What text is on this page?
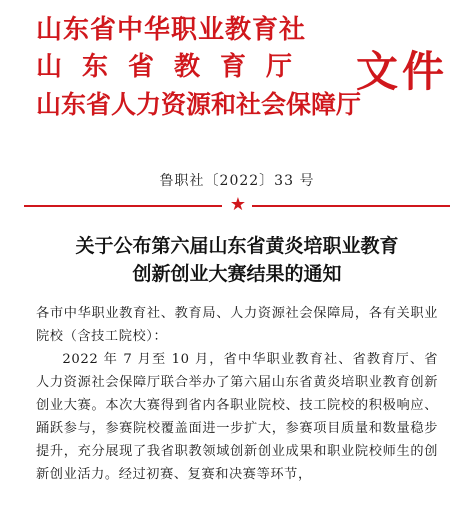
山东省中华职业教育社
山东省教育厅
山东省人力资源和社会保障厅
文件
鲁职社〔2022〕33 号
★
关于公布第六届山东省黄炎培职业教育
创新创业大赛结果的通知

各市中华职业教育社、教育局、人力资源社会保障局，各有关职业院校（含技工院校）：

2022 年 7 月至 10 月，省中华职业教育社、省教育厅、省人力资源社会保障厅联合举办了第六届山东省黄炎培职业教育创新创业大赛。本次大赛得到省内各职业院校、技工院校的积极响应、踊跃参与，参赛院校覆盖面进一步扩大，参赛项目质量和数量稳步提升，充分展现了我省职教领域创新创业成果和职业院校师生的创新创业活力。经过初赛、复赛和决赛等环节，
